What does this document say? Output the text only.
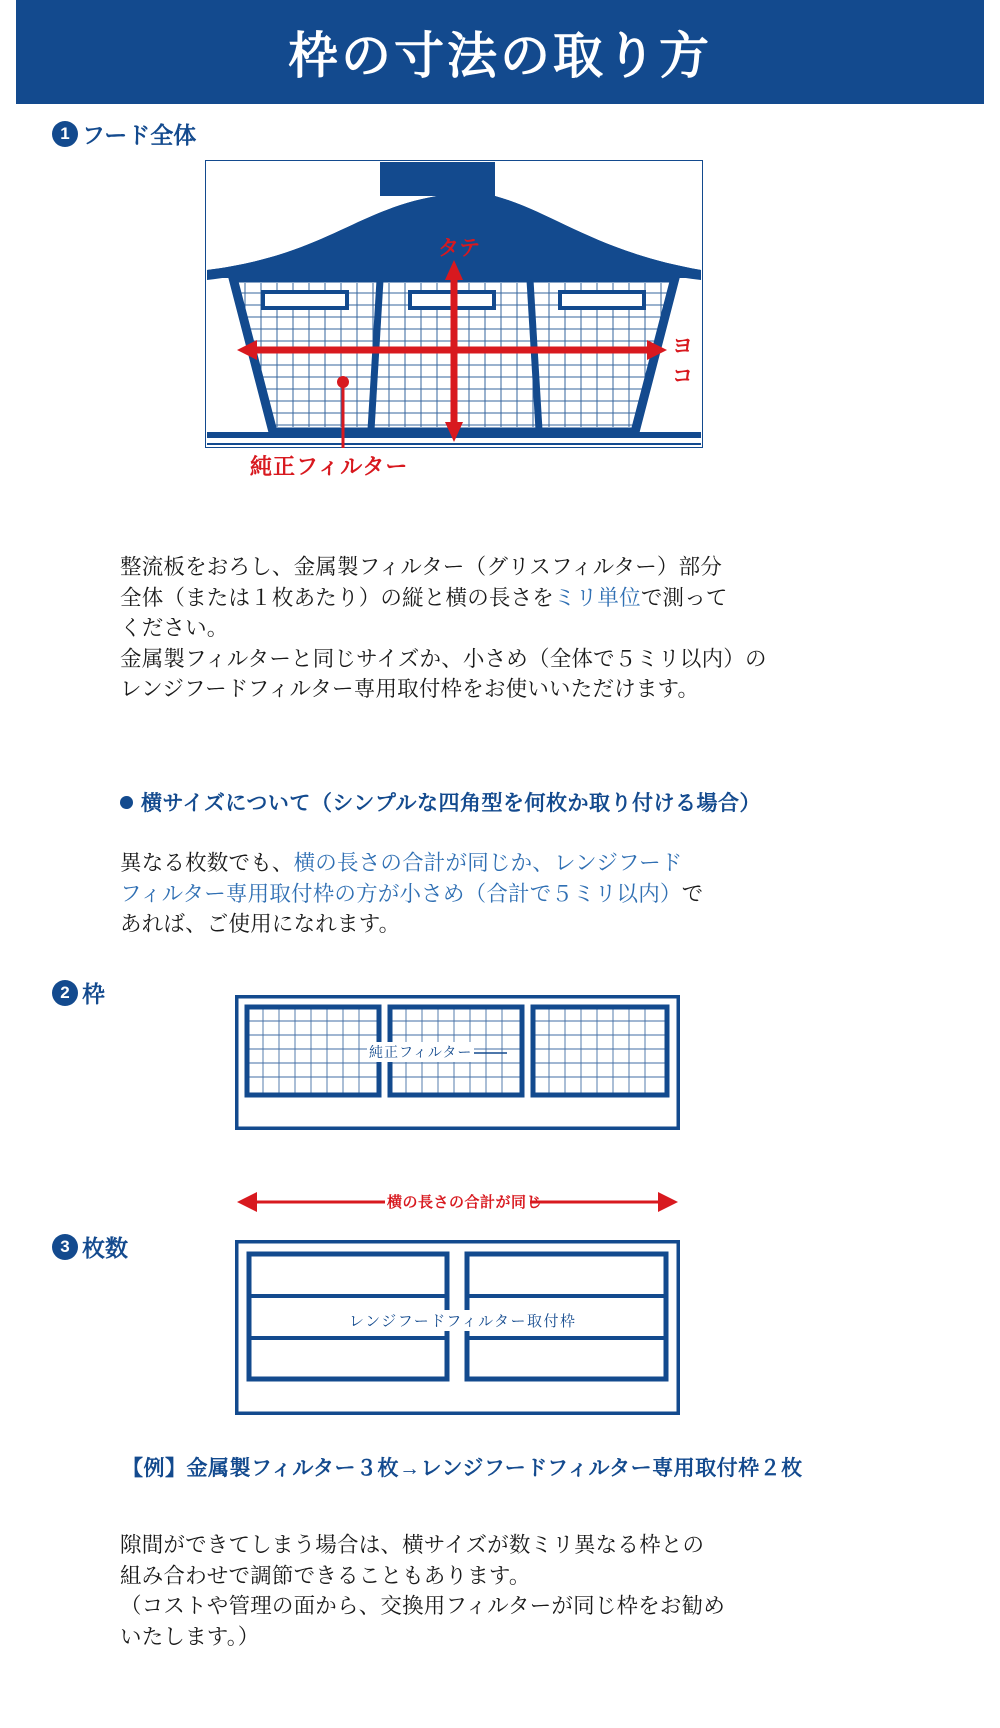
枠の寸法の取り方
1 フード全体
タテ
ヨコ
純正フィルター
整流板をおろし、金属製フィルター（グリスフィルター）部分
全体（または１枚あたり）の縦と横の長さをミリ単位で測って
ください。
金属製フィルターと同じサイズか、小さめ（全体で５ミリ以内）の
レンジフードフィルター専用取付枠をお使いいただけます。
横サイズについて（シンプルな四角型を何枚か取り付ける場合）
異なる枚数でも、横の長さの合計が同じか、レンジフード
フィルター専用取付枠の方が小さめ（合計で５ミリ以内）で
あれば、ご使用になれます。
2 枠
純正フィルター
横の長さの合計が同じ
3 枚数
レンジフードフィルター取付枠
【例】金属製フィルター３枚→レンジフードフィルター専用取付枠２枚
隙間ができてしまう場合は、横サイズが数ミリ異なる枠との
組み合わせで調節できることもあります。
（コストや管理の面から、交換用フィルターが同じ枠をお勧め
いたします。）
